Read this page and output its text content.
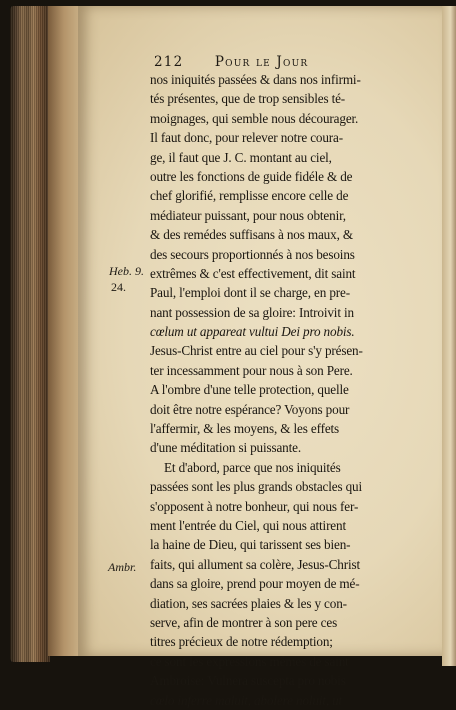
212 Pour le Jour
Heb. 9.
24.
Ambr.
nos iniquités passées & dans nos infirmi-
tés présentes, que de trop sensibles té-
moignages, qui semble nous décourager.
Il faut donc, pour relever notre coura-
ge, il faut que J. C. montant au ciel,
outre les fonctions de guide fidéle & de
chef glorifié, remplisse encore celle de
médiateur puissant, pour nous obtenir,
& des remédes suffisans à nos maux, &
des secours proportionnés à nos besoins
extrêmes & c'est effectivement, dit saint
Paul, l'emploi dont il se charge, en pre-
nant possession de sa gloire: Introivit in
cœlum ut appareat vultui Dei pro nobis.
Jesus-Christ entre au ciel pour s'y présen-
ter incessamment pour nous à son Pere.
A l'ombre d'une telle protection, quelle
doit être notre espérance? Voyons pour
l'affermir, & les moyens, & les effets
d'une méditation si puissante.
Et d'abord, parce que nos iniquités
passées sont les plus grands obstacles qui
s'opposent à notre bonheur, qui nous fer-
ment l'entrée du Ciel, qui nous attirent
la haine de Dieu, qui tarissent ses bien-
faits, qui allument sa colère, Jesus-Christ
dans sa gloire, prend pour moyen de mé-
diation, ses sacrées plaies & les y con-
serve, afin de montrer à son pere ces
titres précieux de notre rédemption;
ce sont les expressions mêmes de saint
Ambroise: Vulnera suscepta pro nobis
cœlo inferre maluit, abolere noluit, ut
